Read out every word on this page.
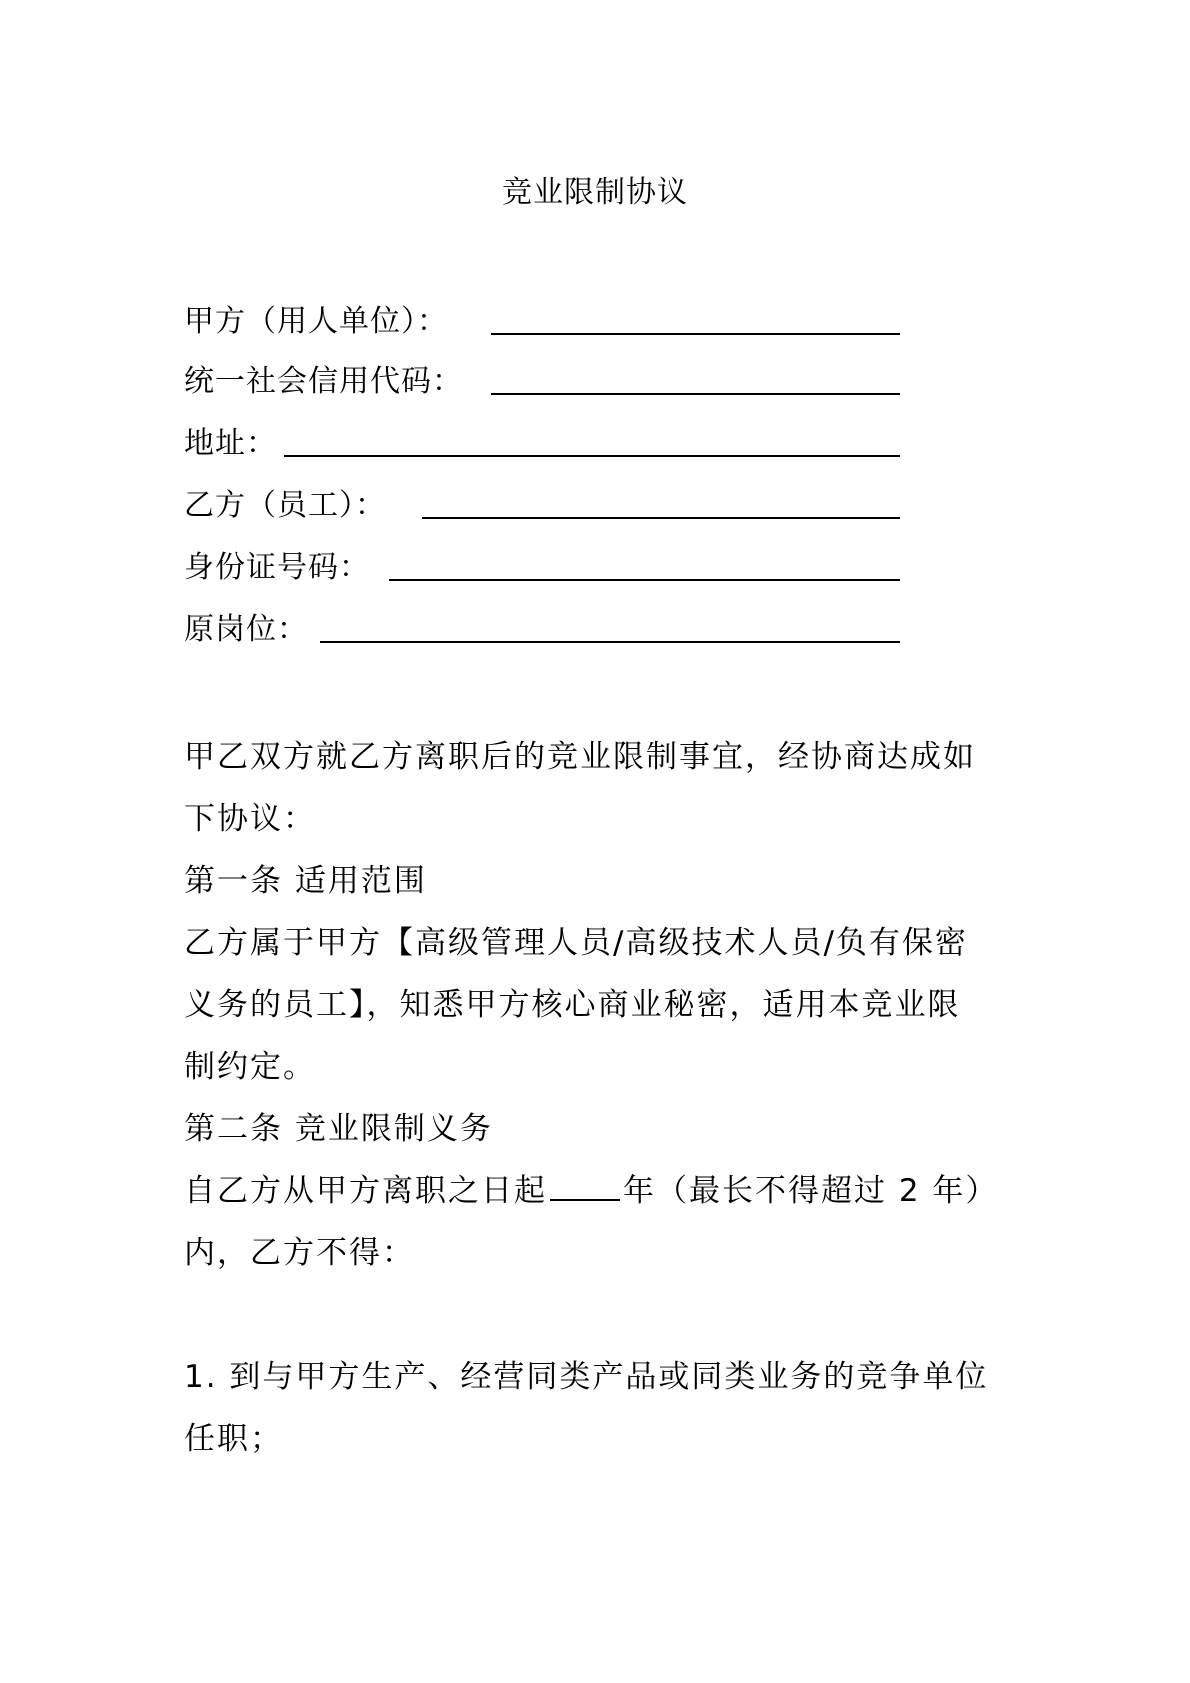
竞业限制协议
甲方（用人单位）：
统一社会信用代码：
地址：
乙方（员工）：
身份证号码：
原岗位：
甲乙双方就乙方离职后的竞业限制事宜，经协商达成如
下协议：
第一条 适用范围
乙方属于甲方【高级管理人员/高级技术人员/负有保密
义务的员工】，知悉甲方核心商业秘密，适用本竞业限
制约定。
第二条 竞业限制义务
自乙方从甲方离职之日起 年（最长不得超过 2 年）
内，乙方不得：
1. 到与甲方生产、经营同类产品或同类业务的竞争单位
任职；
